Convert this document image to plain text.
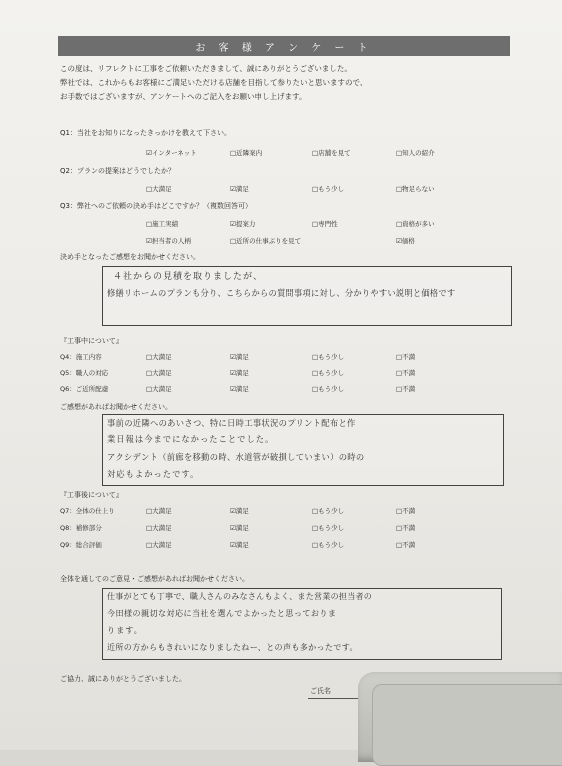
お 客 様 ア ン ケ ー ト
この度は、リフレクトに工事をご依頼いただきまして、誠にありがとうございました。
弊社では、これからもお客様にご満足いただける店舗を目指して参りたいと思いますので、
お手数ではございますが、アンケートへのご記入をお願い申し上げます。
Q1：当社をお知りになったきっかけを教えて下さい。
☑インターネット	□近隣案内	□店舗を見て	□知人の紹介
Q2：プランの提案はどうでしたか？
□大満足	☑満足	□もう少し	□物足らない
Q3：弊社へのご依頼の決め手はどこですか？（複数回答可）
□施工実績	☑提案力	□専門性	□資格が多い
☑担当者の人柄	□近所の仕事ぶりを見て	☑価格
決め手となったご感想をお聞かせください。
４社からの見積を取りましたが、
修繕リホームのプランも分り、こちらからの質問事項に対し、分かりやすい説明と価格です
『工事中について』
Q4：施工内容	□大満足	☑満足	□もう少し	□不満
Q5：職人の対応	□大満足	☑満足	□もう少し	□不満
Q6：ご近所配慮	□大満足	☑満足	□もう少し	□不満
ご感想があればお聞かせください。
事前の近隣へのあいさつ、特に日時工事状況のプリント配布と作
業日報は今までになかったことでした。
アクシデント（前廊を移動の時、水道管が破損していまい）の時の
対応もよかったです。
『工事後について』
Q7：全体の仕上り	□大満足	☑満足	□もう少し	□不満
Q8：補修部分	□大満足	☑満足	□もう少し	□不満
Q9：総合評価	□大満足	☑満足	□もう少し	□不満
全体を通してのご意見・ご感想があればお聞かせください。
仕事がとても丁寧で、職人さんのみなさんもよく、また営業の担当者の
今田様の親切な対応に当社を選んでよかったと思っておりま
ります。
近所の方からもきれいになりましたねー、との声も多かったです。
ご協力、誠にありがとうございました。
ご氏名
